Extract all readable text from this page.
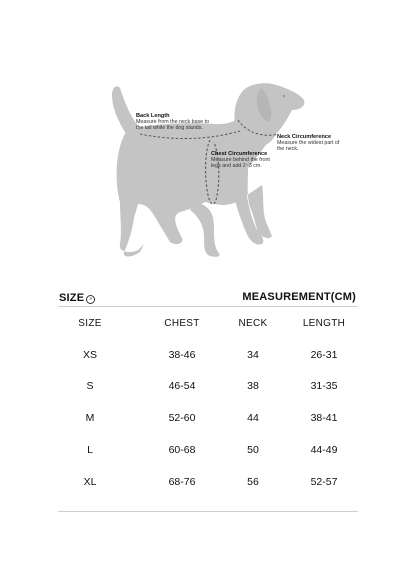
Back Length
Measure from the neck base to the tail while the dog stands.
Chest Circumference
Measure behind the front legs and add 2~3 cm.
Neck Circumference
Measure the widest part of the neck.
SIZE »	MEASUREMENT(CM)
SIZE	CHEST	NECK	LENGTH
XS	38-46	34	26-31
S	46-54	38	31-35
M	52-60	44	38-41
L	60-68	50	44-49
XL	68-76	56	52-57
